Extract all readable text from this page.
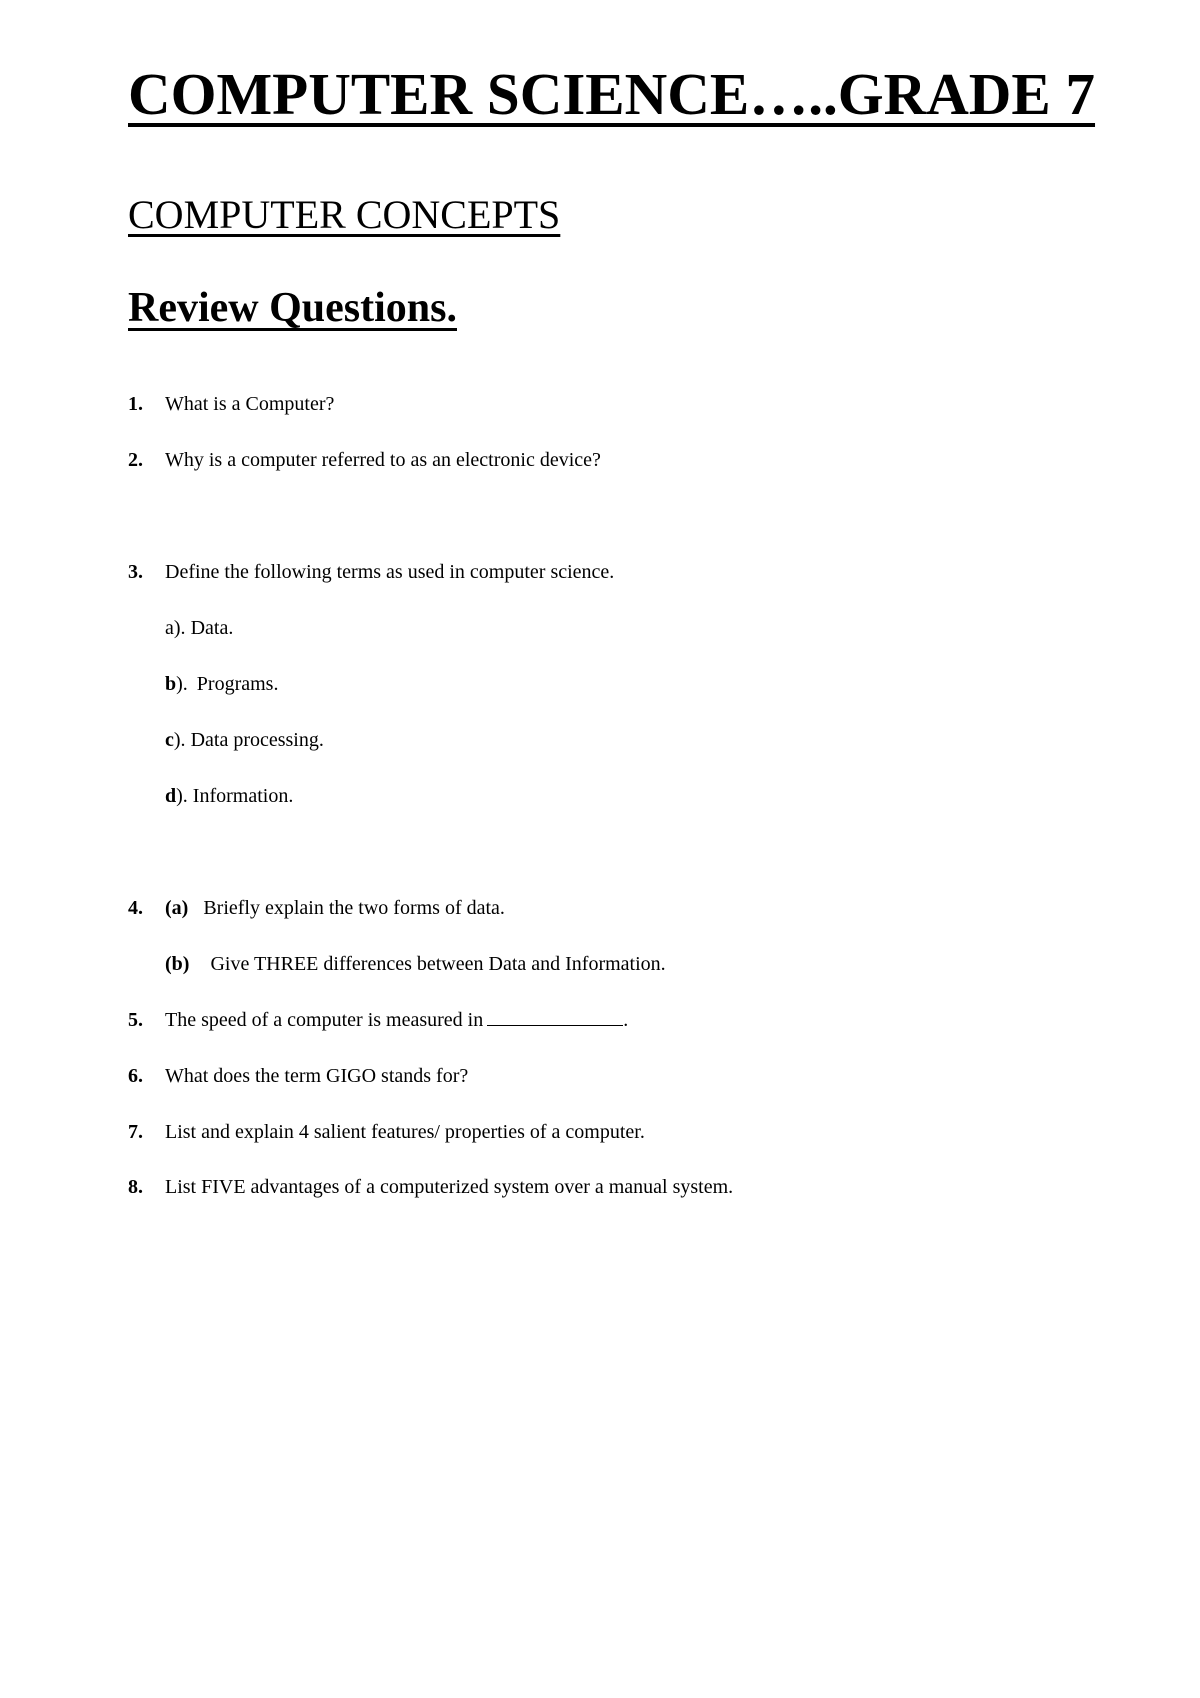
COMPUTER SCIENCE…..GRADE 7
COMPUTER CONCEPTS
Review Questions.
1. What is a Computer?
2. Why is a computer referred to as an electronic device?
3. Define the following terms as used in computer science.
a). Data.
b). Programs.
c). Data processing.
d). Information.
4. (a) Briefly explain the two forms of data.
(b) Give THREE differences between Data and Information.
5. The speed of a computer is measured in	.
6. What does the term GIGO stands for?
7. List and explain 4 salient features/ properties of a computer.
8. List FIVE advantages of a computerized system over a manual system.
